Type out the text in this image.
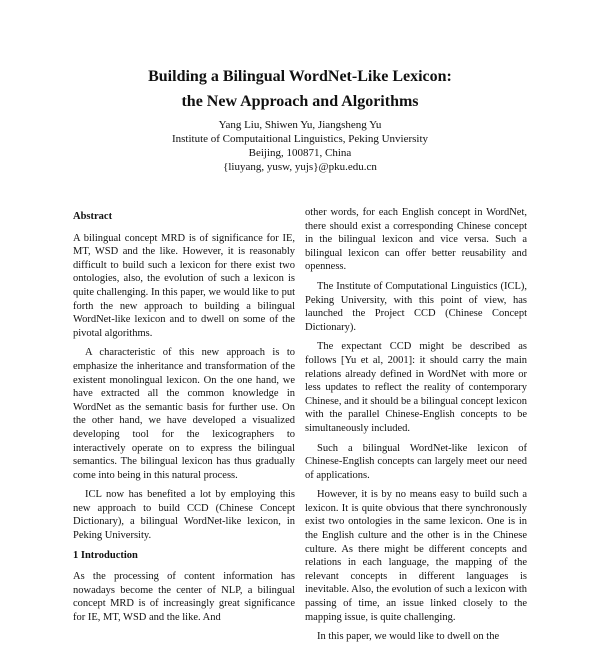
Building a Bilingual WordNet-Like Lexicon:
the New Approach and Algorithms
Yang Liu, Shiwen Yu, Jiangsheng Yu
Institute of Computaitional Linguistics, Peking Unviersity
Beijing, 100871, China
{liuyang, yusw, yujs}@pku.edu.cn
Abstract

A bilingual concept MRD is of significance for IE, MT, WSD and the like. However, it is reasonably difficult to build such a lexicon for there exist two ontologies, also, the evolution of such a lexicon is quite challenging. In this paper, we would like to put forth the new approach to building a bilingual WordNet-like lexicon and to dwell on some of the pivotal algorithms.

A characteristic of this new approach is to emphasize the inheritance and transformation of the existent monolingual lexicon. On the one hand, we have extracted all the common knowledge in WordNet as the semantic basis for further use. On the other hand, we have developed a visualized developing tool for the lexicographers to interactively operate on to express the bilingual semantics. The bilingual lexicon has thus gradually come into being in this natural process.

ICL now has benefited a lot by employing this new approach to build CCD (Chinese Concept Dictionary), a bilingual WordNet-like lexicon, in Peking University.

1 Introduction

As the processing of content information has nowadays become the center of NLP, a bilingual concept MRD is of increasingly great significance for IE, MT, WSD and the like. And

other words, for each English concept in WordNet, there should exist a corresponding Chinese concept in the bilingual lexicon and vice versa. Such a bilingual lexicon can offer better reusability and openness.

The Institute of Computational Linguistics (ICL), Peking University, with this point of view, has launched the Project CCD (Chinese Concept Dictionary).

The expectant CCD might be described as follows [Yu et al, 2001]: it should carry the main relations already defined in WordNet with more or less updates to reflect the reality of contemporary Chinese, and it should be a bilingual concept lexicon with the parallel Chinese-English concepts to be simultaneously included.

Such a bilingual WordNet-like lexicon of Chinese-English concepts can largely meet our need of applications.

However, it is by no means easy to build such a lexicon. It is quite obvious that there synchronously exist two ontologies in the same lexicon. One is in the English culture and the other is in the Chinese culture. As there might be different concepts and relations in each language, the mapping of the relevant concepts in different languages is inevitable. Also, the evolution of such a lexicon with passing of time, an issue linked closely to the mapping issue, is quite challenging.

In this paper, we would like to dwell on the
